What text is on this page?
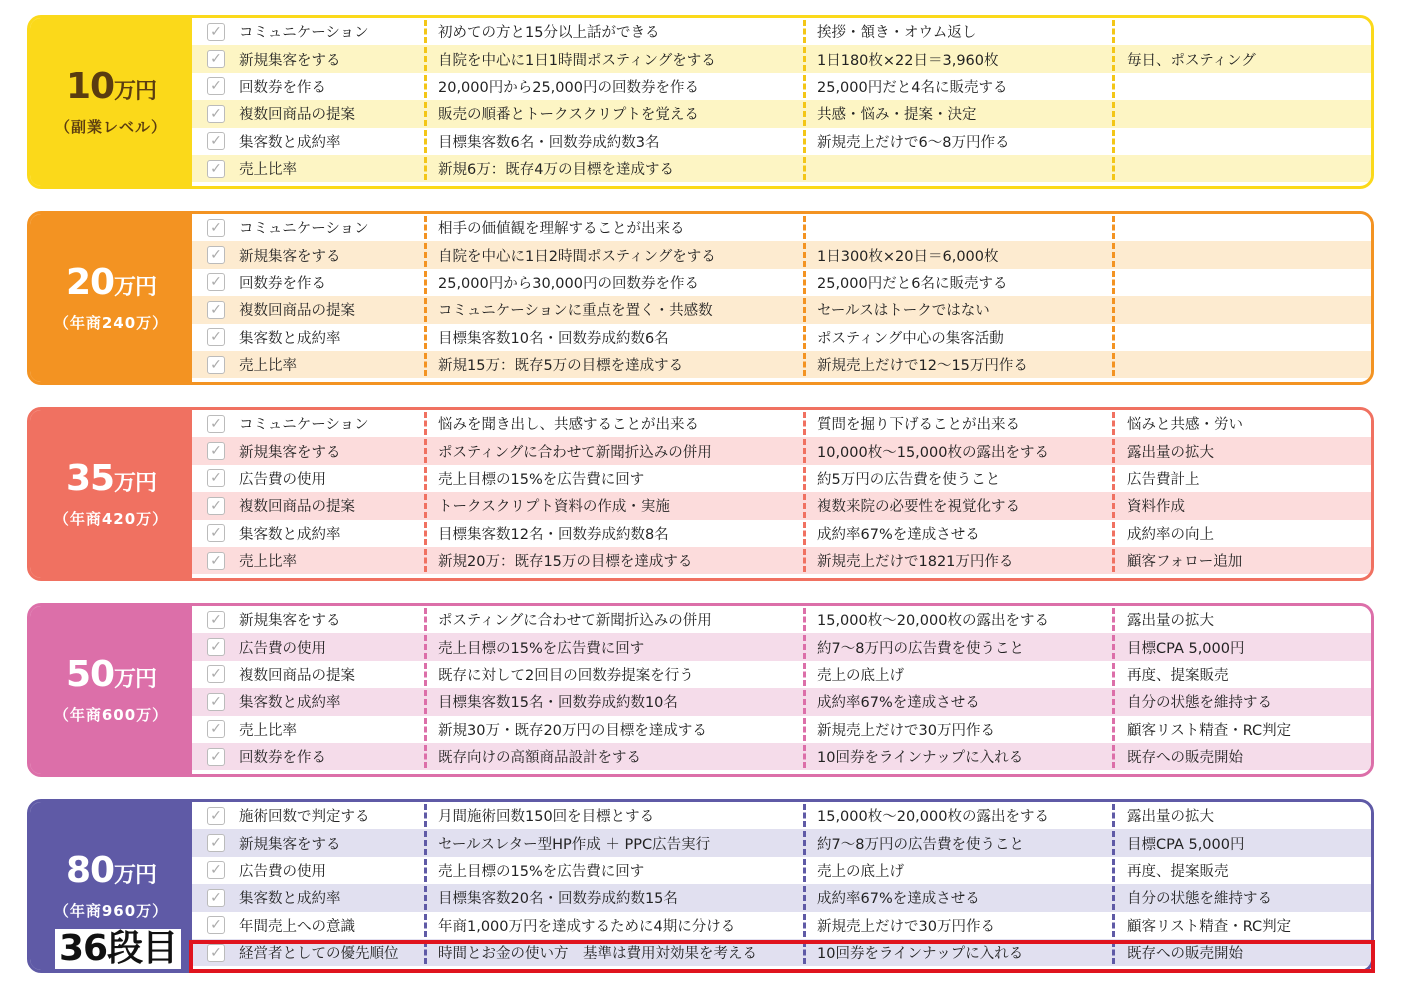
10万円
（副業レベル）
✓ コミュニケーション	初めての方と15分以上話ができる	挨拶・頷き・オウム返し
✓ 新規集客をする	自院を中心に1日1時間ポスティングをする	1日180枚×22日＝3,960枚	毎日、ポスティング
✓ 回数券を作る	20,000円から25,000円の回数券を作る	25,000円だと4名に販売する
✓ 複数回商品の提案	販売の順番とトークスクリプトを覚える	共感・悩み・提案・決定
✓ 集客数と成約率	目標集客数6名・回数券成約数3名	新規売上だけで6〜8万円作る
✓ 売上比率	新規6万：既存4万の目標を達成する
20万円
（年商240万）
✓ コミュニケーション	相手の価値観を理解することが出来る
✓ 新規集客をする	自院を中心に1日2時間ポスティングをする	1日300枚×20日＝6,000枚
✓ 回数券を作る	25,000円から30,000円の回数券を作る	25,000円だと6名に販売する
✓ 複数回商品の提案	コミュニケーションに重点を置く・共感数	セールスはトークではない
✓ 集客数と成約率	目標集客数10名・回数券成約数6名	ポスティング中心の集客活動
✓ 売上比率	新規15万：既存5万の目標を達成する	新規売上だけで12〜15万円作る
35万円
（年商420万）
✓ コミュニケーション	悩みを聞き出し、共感することが出来る	質問を掘り下げることが出来る	悩みと共感・労い
✓ 新規集客をする	ポスティングに合わせて新聞折込みの併用	10,000枚〜15,000枚の露出をする	露出量の拡大
✓ 広告費の使用	売上目標の15%を広告費に回す	約5万円の広告費を使うこと	広告費計上
✓ 複数回商品の提案	トークスクリプト資料の作成・実施	複数来院の必要性を視覚化する	資料作成
✓ 集客数と成約率	目標集客数12名・回数券成約数8名	成約率67%を達成させる	成約率の向上
✓ 売上比率	新規20万：既存15万の目標を達成する	新規売上だけで1821万円作る	顧客フォロー追加
50万円
（年商600万）
✓ 新規集客をする	ポスティングに合わせて新聞折込みの併用	15,000枚〜20,000枚の露出をする	露出量の拡大
✓ 広告費の使用	売上目標の15%を広告費に回す	約7〜8万円の広告費を使うこと	目標CPA 5,000円
✓ 複数回商品の提案	既存に対して2回目の回数券提案を行う	売上の底上げ	再度、提案販売
✓ 集客数と成約率	目標集客数15名・回数券成約数10名	成約率67%を達成させる	自分の状態を維持する
✓ 売上比率	新規30万・既存20万円の目標を達成する	新規売上だけで30万円作る	顧客リスト精査・RC判定
✓ 回数券を作る	既存向けの高額商品設計をする	10回券をラインナップに入れる	既存への販売開始
80万円
（年商960万）
✓ 施術回数で判定する	月間施術回数150回を目標とする	15,000枚〜20,000枚の露出をする	露出量の拡大
✓ 新規集客をする	セールスレター型HP作成 ＋ PPC広告実行	約7〜8万円の広告費を使うこと	目標CPA 5,000円
✓ 広告費の使用	売上目標の15%を広告費に回す	売上の底上げ	再度、提案販売
✓ 集客数と成約率	目標集客数20名・回数券成約数15名	成約率67%を達成させる	自分の状態を維持する
✓ 年間売上への意識	年商1,000万円を達成するために4期に分ける	新規売上だけで30万円作る	顧客リスト精査・RC判定
✓ 経営者としての優先順位	時間とお金の使い方　基準は費用対効果を考える	10回券をラインナップに入れる	既存への販売開始
36段目
